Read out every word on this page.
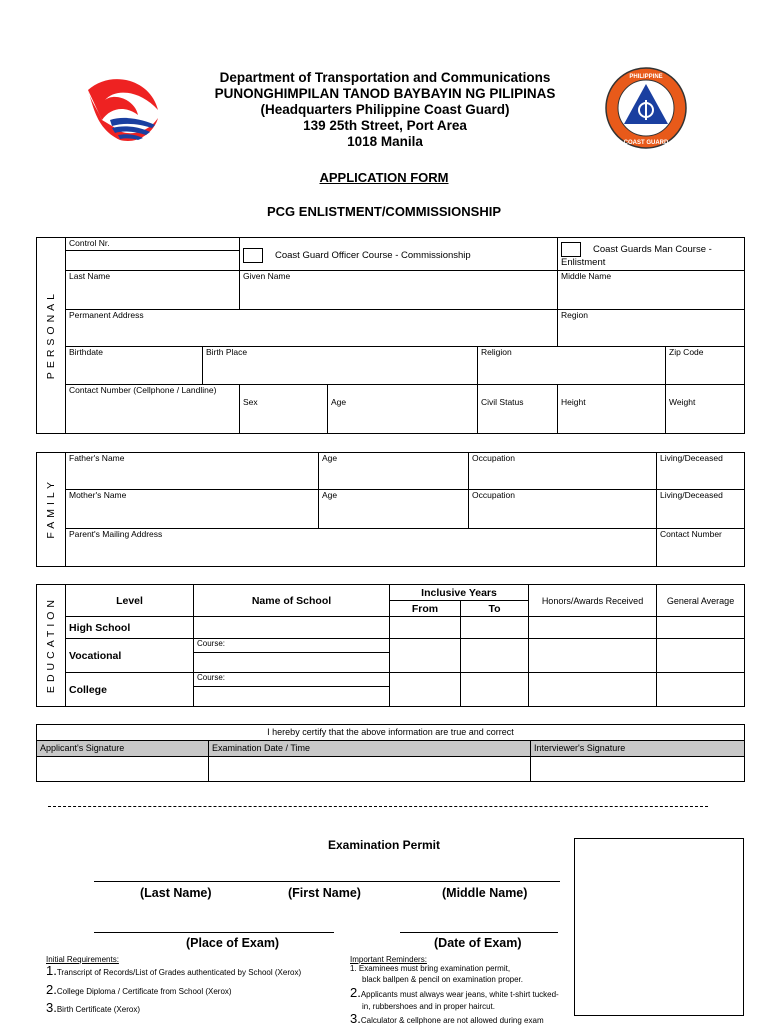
PHILIPPINE
COAST GUARD
Department of Transportation and Communications
PUNONGHIMPILAN TANOD BAYBAYIN NG PILIPINAS
(Headquarters Philippine Coast Guard)
139 25th Street, Port Area
1018 Manila
APPLICATION FORM
PCG ENLISTMENT/COMMISSIONSHIP
PERSONAL	Control Nr.		Coast Guard Officer Course - Commissionship			Coast Guards Man Course - Enlistment	

	Last Name		Given Name			Middle Name	

	Permanent Address					Region	

	Birthdate	Birth Place			Religion		Zip Code

	Contact Number (Cellphone / Landline)		Sex	Age	Civil Status	Height	Weight

FAMILY	Father's Name	Age	Occupation	Living/Deceased

	Mother's Name	Age	Occupation	Living/Deceased

	Parent's Mailing Address			Contact Number

EDUCATION	Level	Name of School	Inclusive Years		Honors/Awards Received	General Average
			From	To		
	High School					
	Vocational	Course:				

	College	Course:				

I hereby certify that the above information are true and correct		
Applicant's Signature	Examination Date / Time	Interviewer's Signature

Examination Permit
(Last Name)	(First Name)	(Middle Name)
(Place of Exam)	(Date of Exam)
Initial Requirements:
1.Transcript of Records/List of Grades authenticated by School (Xerox)
2.College Diploma / Certificate from School (Xerox)
3.Birth Certificate (Xerox)
Important Reminders:
1. Examinees must bring examination permit,
black ballpen & pencil on examination proper.
2.Applicants must always wear jeans, white t-shirt tucked-
in, rubbershoes and in proper haircut.
3.Calculator & cellphone are not allowed during exam
